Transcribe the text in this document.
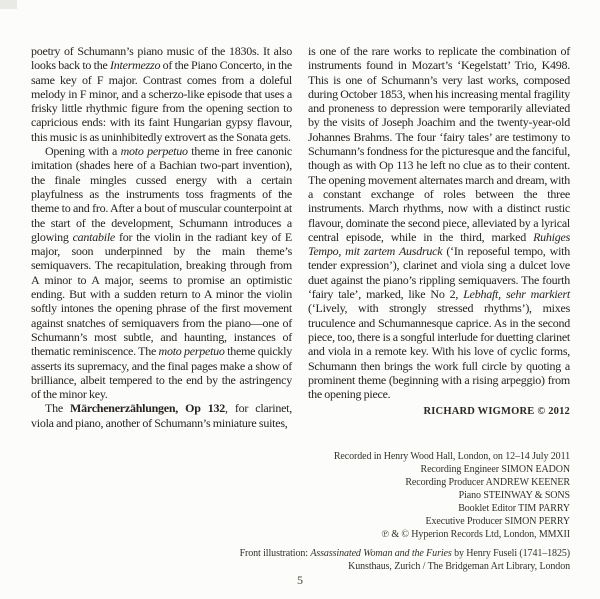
poetry of Schumann’s piano music of the 1830s. It also looks back to the Intermezzo of the Piano Concerto, in the same key of F major. Contrast comes from a doleful melody in F minor, and a scherzo-like episode that uses a frisky little rhythmic figure from the opening section to capricious ends: with its faint Hungarian gypsy flavour, this music is as uninhibitedly extrovert as the Sonata gets.

Opening with a moto perpetuo theme in free canonic imitation (shades here of a Bachian two-part invention), the finale mingles cussed energy with a certain playfulness as the instruments toss fragments of the theme to and fro. After a bout of muscular counterpoint at the start of the development, Schumann introduces a glowing cantabile for the violin in the radiant key of E major, soon underpinned by the main theme’s semiquavers. The recapitulation, breaking through from A minor to A major, seems to promise an optimistic ending. But with a sudden return to A minor the violin softly intones the opening phrase of the first movement against snatches of semiquavers from the piano—one of Schumann’s most subtle, and haunting, instances of thematic reminiscence. The moto perpetuo theme quickly asserts its supremacy, and the final pages make a show of brilliance, albeit tempered to the end by the astringency of the minor key.

The Märchenerzählungen, Op 132, for clarinet, viola and piano, another of Schumann’s miniature suites,

is one of the rare works to replicate the combination of instruments found in Mozart’s ‘Kegelstatt’ Trio, K498. This is one of Schumann’s very last works, composed during October 1853, when his increasing mental fragility and proneness to depression were temporarily alleviated by the visits of Joseph Joachim and the twenty-year-old Johannes Brahms. The four ‘fairy tales’ are testimony to Schumann’s fondness for the picturesque and the fanciful, though as with Op 113 he left no clue as to their content. The opening movement alternates march and dream, with a constant exchange of roles between the three instruments. March rhythms, now with a distinct rustic flavour, dominate the second piece, alleviated by a lyrical central episode, while in the third, marked Ruhiges Tempo, mit zartem Ausdruck (‘In reposeful tempo, with tender expression’), clarinet and viola sing a dulcet love duet against the piano’s rippling semiquavers. The fourth ‘fairy tale’, marked, like No 2, Lebhaft, sehr markiert (‘Lively, with strongly stressed rhythms’), mixes truculence and Schumannesque caprice. As in the second piece, too, there is a songful interlude for duetting clarinet and viola in a remote key. With his love of cyclic forms, Schumann then brings the work full circle by quoting a prominent theme (beginning with a rising arpeggio) from the opening piece.

RICHARD WIGMORE © 2012
Recorded in Henry Wood Hall, London, on 12–14 July 2011
Recording Engineer SIMON EADON
Recording Producer ANDREW KEENER
Piano STEINWAY & SONS
Booklet Editor TIM PARRY
Executive Producer SIMON PERRY
℗ & © Hyperion Records Ltd, London, MMXII
Front illustration: Assassinated Woman and the Furies by Henry Fuseli (1741–1825)
Kunsthaus, Zurich / The Bridgeman Art Library, London
5
